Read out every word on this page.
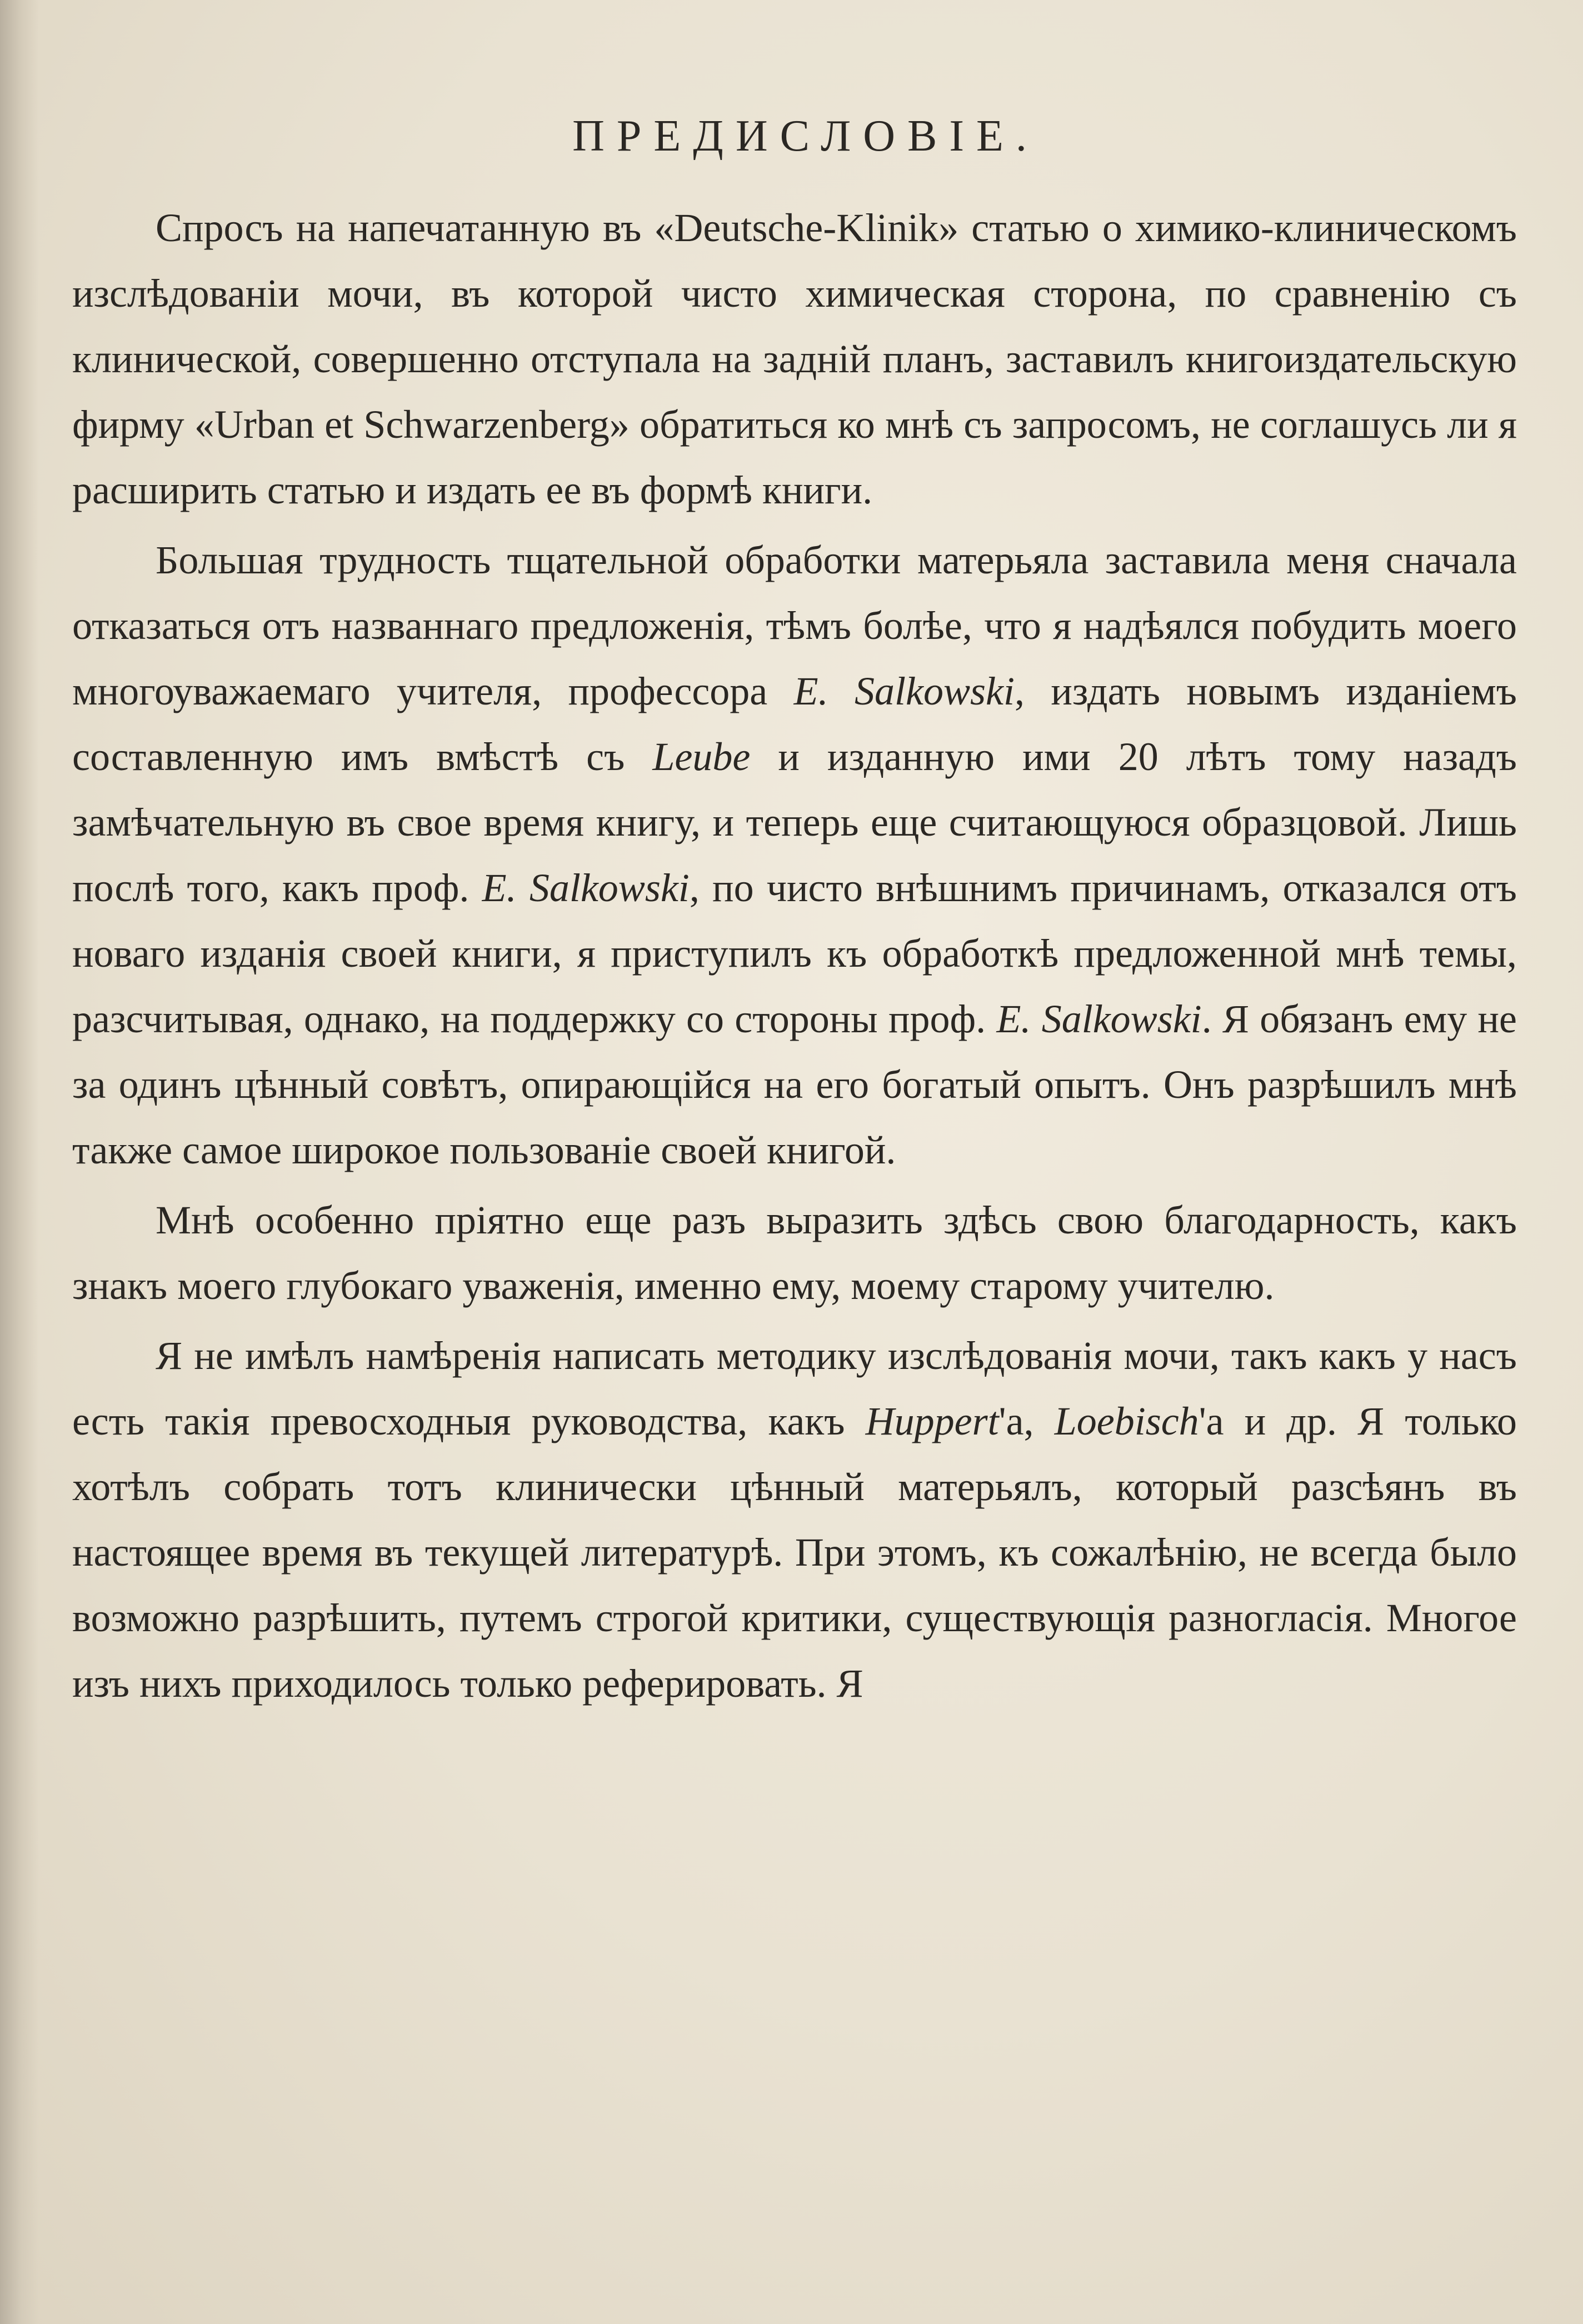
ПРЕДИСЛОВІЕ.

Спросъ на напечатанную въ «Deutsche-Klinik» статью о химико-клиническомъ изслѣдованіи мочи, въ которой чисто химическая сторона, по сравненію съ клинической, совершенно отступала на задній планъ, заставилъ книгоиздательскую фирму «Urban et Schwarzenberg» обратиться ко мнѣ съ запросомъ, не соглашусь ли я расширить статью и издать ее въ формѣ книги.

Большая трудность тщательной обработки матерьяла заставила меня сначала отказаться отъ названнаго предложенія, тѣмъ болѣе, что я надѣялся побудить моего многоуважаемаго учителя, профессора E. Salkowski, издать новымъ изданіемъ составленную имъ вмѣстѣ съ Leube и изданную ими 20 лѣтъ тому назадъ замѣчательную въ свое время книгу, и теперь еще считающуюся образцовой. Лишь послѣ того, какъ проф. E. Salkowski, по чисто внѣшнимъ причинамъ, отказался отъ новаго изданія своей книги, я приступилъ къ обработкѣ предложенной мнѣ темы, разсчитывая, однако, на поддержку со стороны проф. E. Salkowski. Я обязанъ ему не за одинъ цѣнный совѣтъ, опирающійся на его богатый опытъ. Онъ разрѣшилъ мнѣ также самое широкое пользованіе своей книгой.

Мнѣ особенно пріятно еще разъ выразить здѣсь свою благодарность, какъ знакъ моего глубокаго уваженія, именно ему, моему старому учителю.

Я не имѣлъ намѣренія написать методику изслѣдованія мочи, такъ какъ у насъ есть такія превосходныя руководства, какъ Huppert'а, Loebisch'а и др. Я только хотѣлъ собрать тотъ клинически цѣнный матерьялъ, который разсѣянъ въ настоящее время въ текущей литературѣ. При этомъ, къ сожалѣнію, не всегда было возможно разрѣшить, путемъ строгой критики, существующія разногласія. Многое изъ нихъ приходилось только реферировать. Я
